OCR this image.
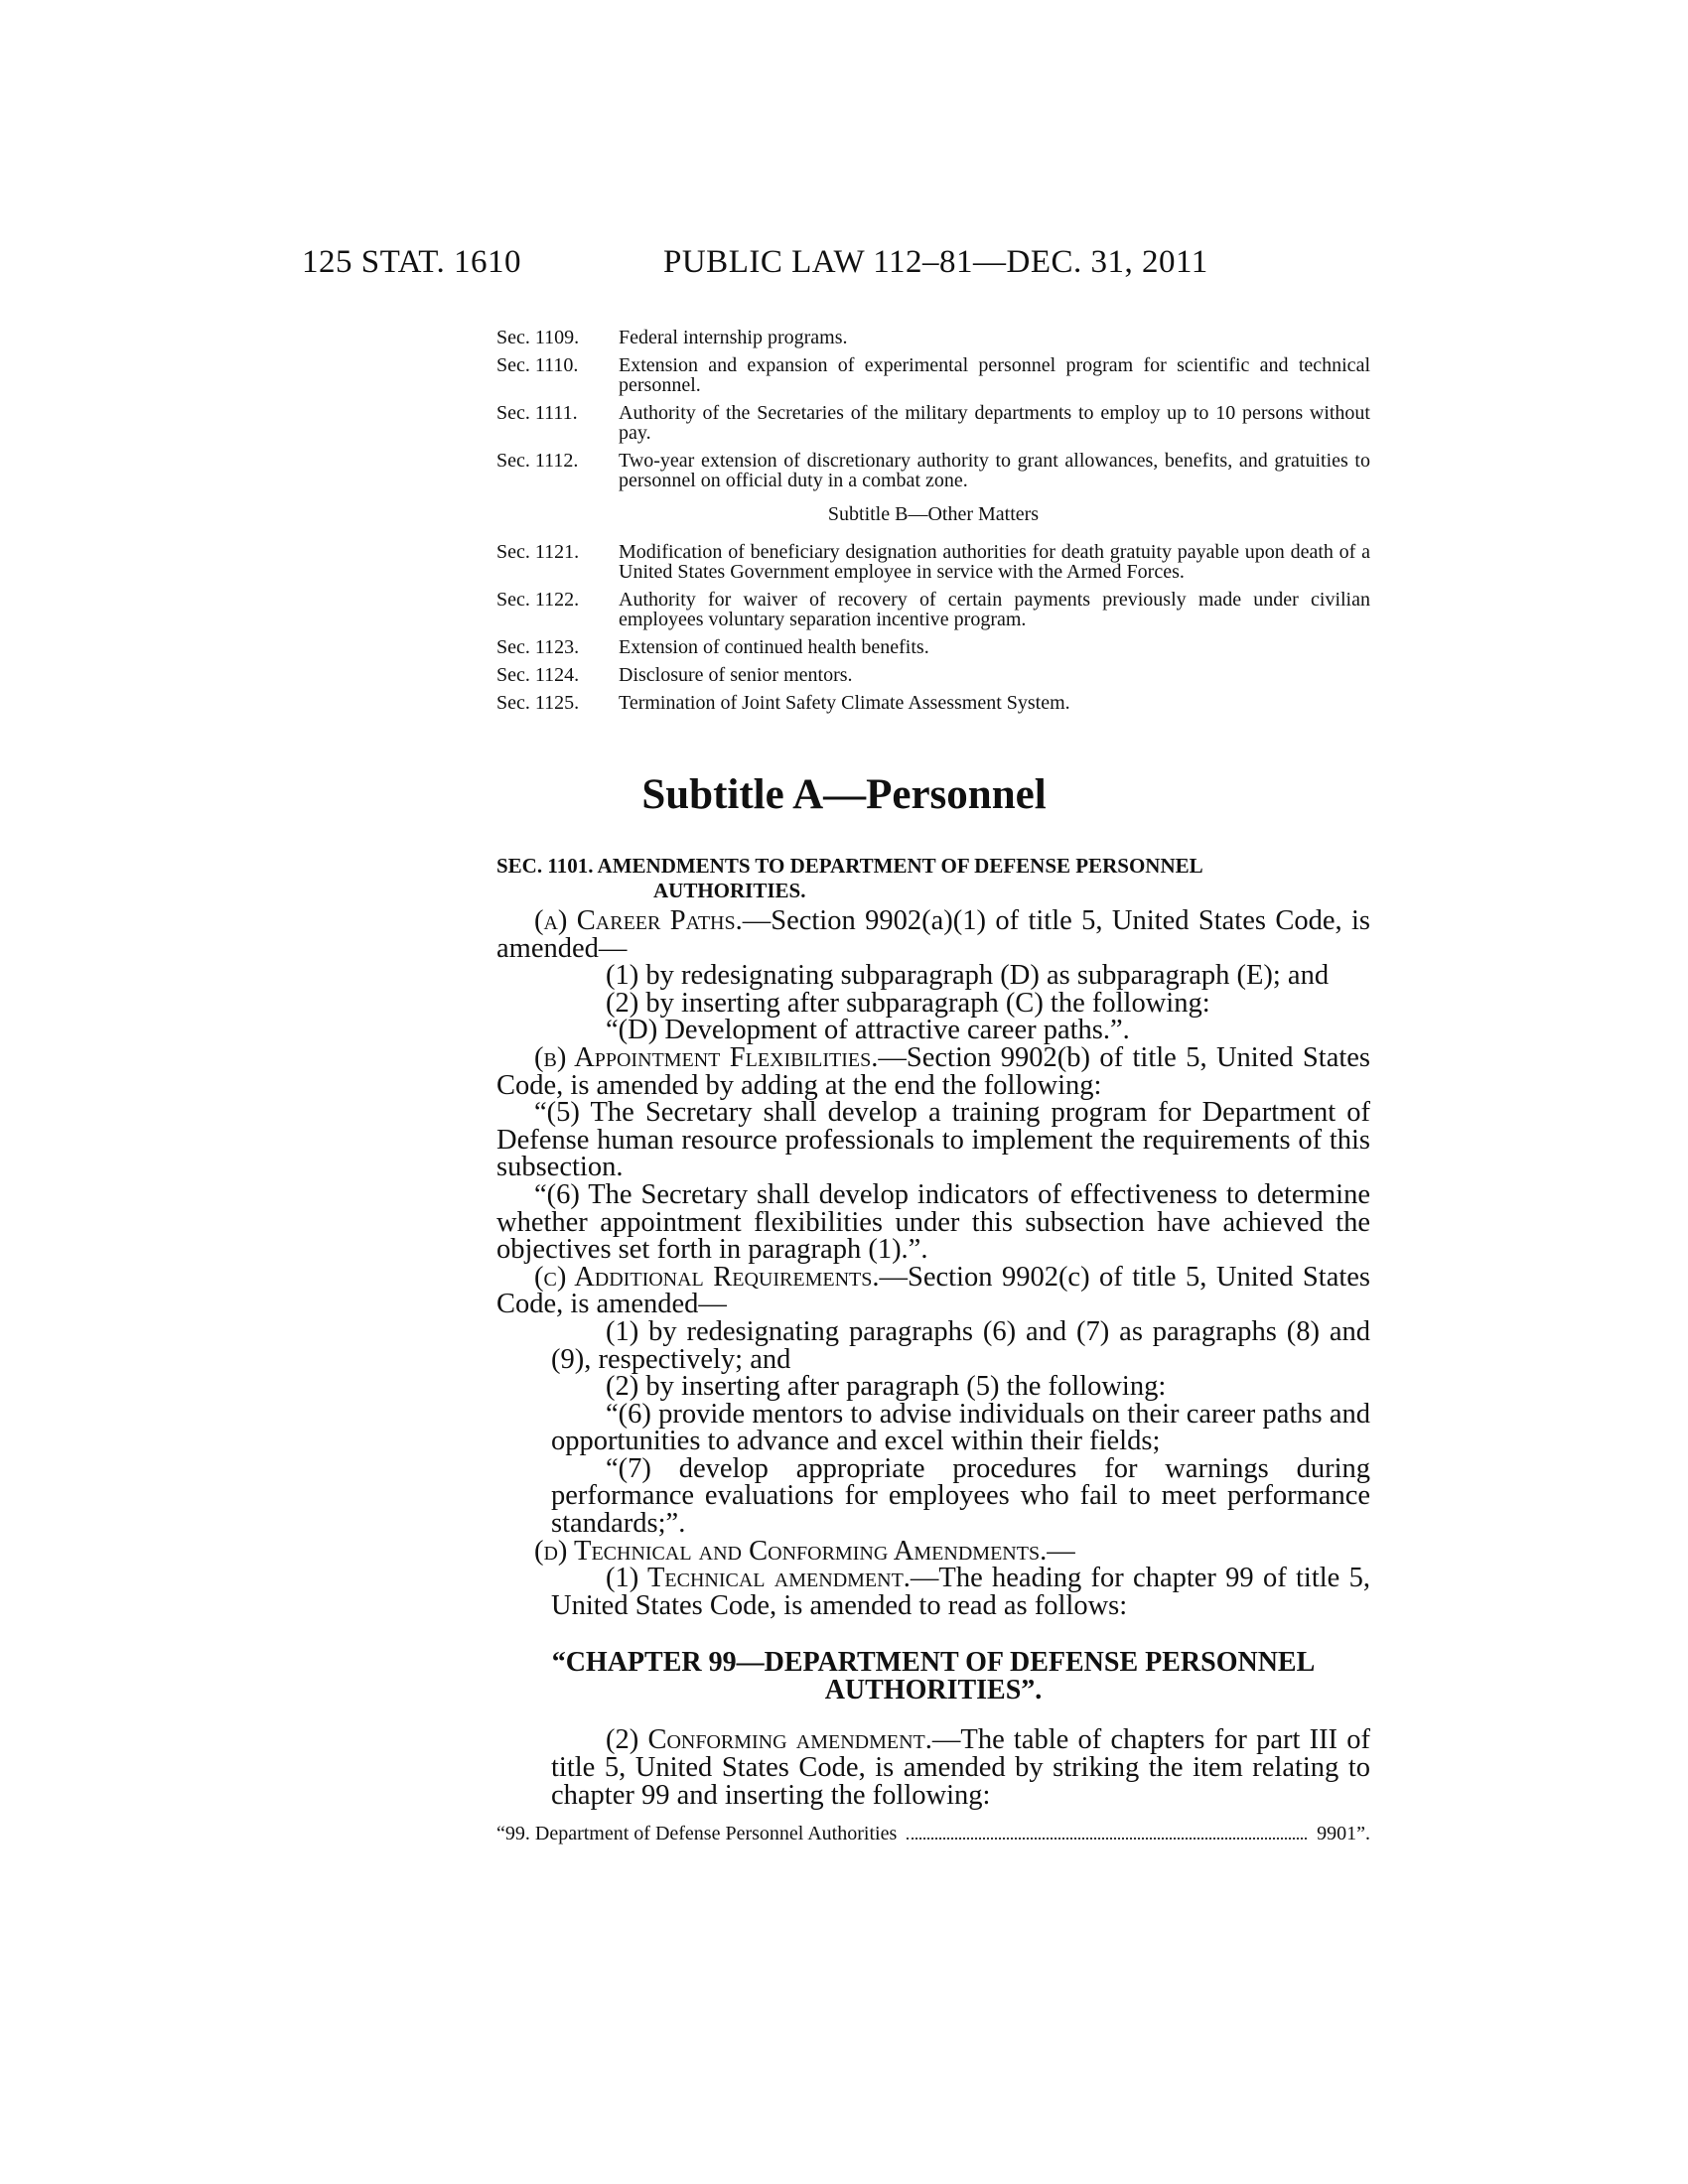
125 STAT. 1610	PUBLIC LAW 112–81—DEC. 31, 2011
Sec. 1109. Federal internship programs.
Sec. 1110. Extension and expansion of experimental personnel program for scientific and technical personnel.
Sec. 1111. Authority of the Secretaries of the military departments to employ up to 10 persons without pay.
Sec. 1112. Two-year extension of discretionary authority to grant allowances, benefits, and gratuities to personnel on official duty in a combat zone.
Subtitle B—Other Matters
Sec. 1121. Modification of beneficiary designation authorities for death gratuity payable upon death of a United States Government employee in service with the Armed Forces.
Sec. 1122. Authority for waiver of recovery of certain payments previously made under civilian employees voluntary separation incentive program.
Sec. 1123. Extension of continued health benefits.
Sec. 1124. Disclosure of senior mentors.
Sec. 1125. Termination of Joint Safety Climate Assessment System.
Subtitle A—Personnel
SEC. 1101. AMENDMENTS TO DEPARTMENT OF DEFENSE PERSONNEL
AUTHORITIES.
(a) Career Paths.—Section 9902(a)(1) of title 5, United States Code, is amended—
(1) by redesignating subparagraph (D) as subparagraph (E); and
(2) by inserting after subparagraph (C) the following:
“(D) Development of attractive career paths.”.
(b) Appointment Flexibilities.—Section 9902(b) of title 5, United States Code, is amended by adding at the end the following:
“(5) The Secretary shall develop a training program for Department of Defense human resource professionals to implement the requirements of this subsection.
“(6) The Secretary shall develop indicators of effectiveness to determine whether appointment flexibilities under this subsection have achieved the objectives set forth in paragraph (1).”.
(c) Additional Requirements.—Section 9902(c) of title 5, United States Code, is amended—
(1) by redesignating paragraphs (6) and (7) as paragraphs (8) and (9), respectively; and
(2) by inserting after paragraph (5) the following:
“(6) provide mentors to advise individuals on their career paths and opportunities to advance and excel within their fields;
“(7) develop appropriate procedures for warnings during performance evaluations for employees who fail to meet performance standards;”.
(d) Technical and Conforming Amendments.—
(1) Technical amendment.—The heading for chapter 99 of title 5, United States Code, is amended to read as follows:
“CHAPTER 99—DEPARTMENT OF DEFENSE PERSONNEL
AUTHORITIES”.
(2) Conforming amendment.—The table of chapters for part III of title 5, United States Code, is amended by striking the item relating to chapter 99 and inserting the following:
“99. Department of Defense Personnel Authorities	9901”.
